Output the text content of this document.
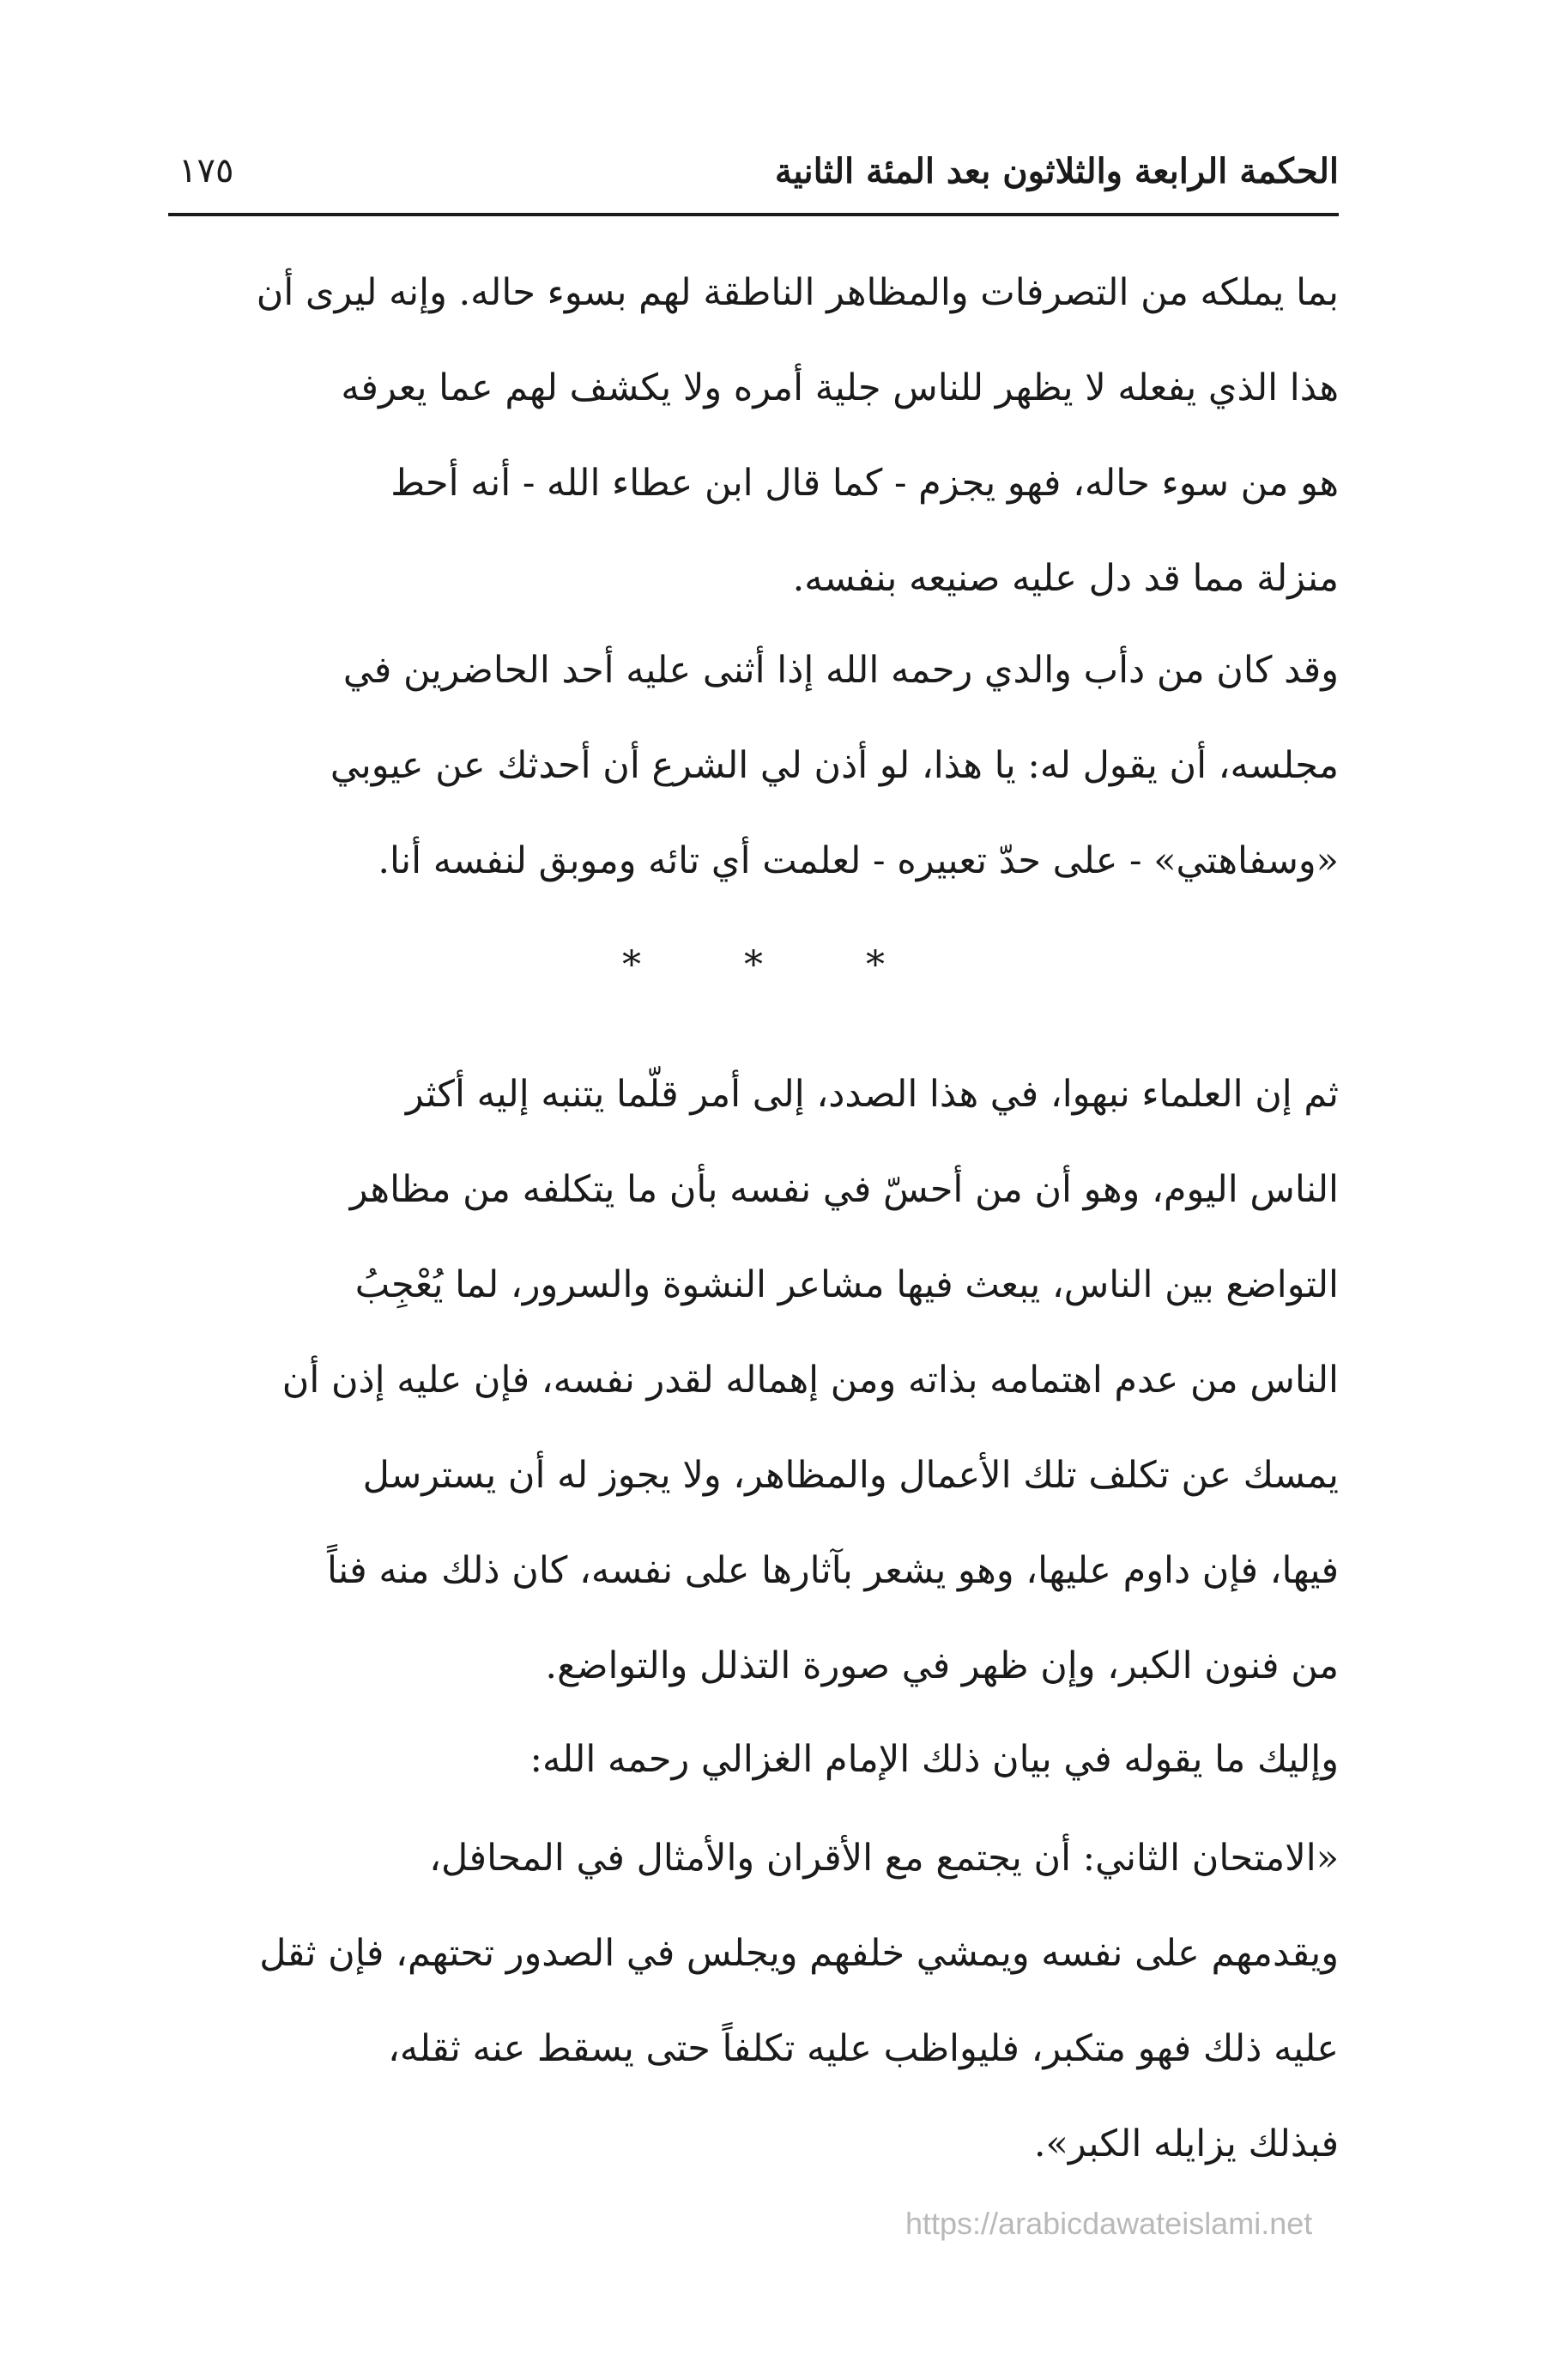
الحكمة الرابعة والثلاثون بعد المئة الثانية
١٧٥
بما يملكه من التصرفات والمظاهر الناطقة لهم بسوء حاله. وإنه ليرى أن
هذا الذي يفعله لا يظهر للناس جلية أمره ولا يكشف لهم عما يعرفه
هو من سوء حاله، فهو يجزم - كما قال ابن عطاء الله - أنه أحط
منزلة مما قد دل عليه صنيعه بنفسه.
وقد كان من دأب والدي رحمه الله إذا أثنى عليه أحد الحاضرين في
مجلسه، أن يقول له: يا هذا، لو أذن لي الشرع أن أحدثك عن عيوبي
«وسفاهتي» - على حدّ تعبيره - لعلمت أي تائه وموبق لنفسه أنا.
*
*
*
ثم إن العلماء نبهوا، في هذا الصدد، إلى أمر قلّما يتنبه إليه أكثر
الناس اليوم، وهو أن من أحسّ في نفسه بأن ما يتكلفه من مظاهر
التواضع بين الناس، يبعث فيها مشاعر النشوة والسرور، لما يُعْجِبُ
الناس من عدم اهتمامه بذاته ومن إهماله لقدر نفسه، فإن عليه إذن أن
يمسك عن تكلف تلك الأعمال والمظاهر، ولا يجوز له أن يسترسل
فيها، فإن داوم عليها، وهو يشعر بآثارها على نفسه، كان ذلك منه فناً
من فنون الكبر، وإن ظهر في صورة التذلل والتواضع.
وإليك ما يقوله في بيان ذلك الإمام الغزالي رحمه الله:
«الامتحان الثاني: أن يجتمع مع الأقران والأمثال في المحافل،
ويقدمهم على نفسه ويمشي خلفهم ويجلس في الصدور تحتهم، فإن ثقل
عليه ذلك فهو متكبر، فليواظب عليه تكلفاً حتى يسقط عنه ثقله،
فبذلك يزايله الكبر».
https://arabicdawateislami.net
